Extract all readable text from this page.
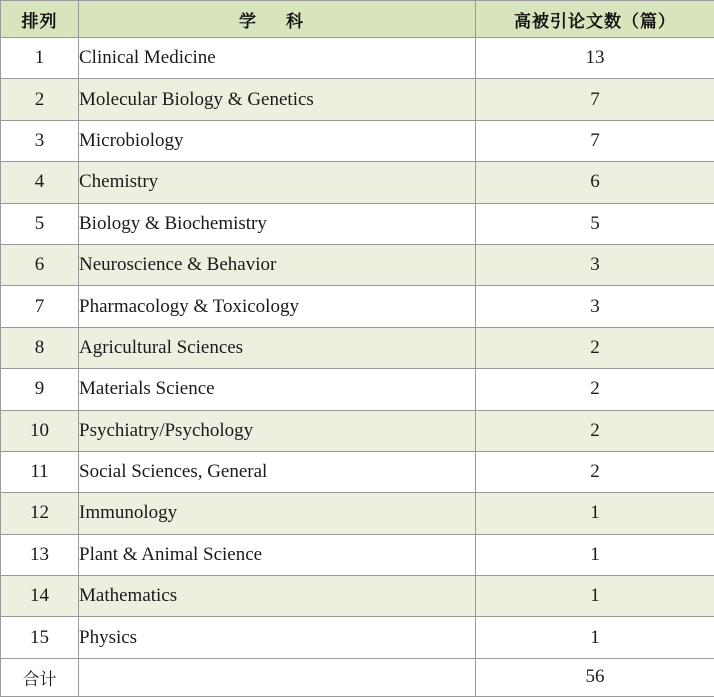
排列	学 科	高被引论文数（篇）
1	Clinical Medicine	13
2	Molecular Biology & Genetics	7
3	Microbiology	7
4	Chemistry	6
5	Biology & Biochemistry	5
6	Neuroscience & Behavior	3
7	Pharmacology & Toxicology	3
8	Agricultural Sciences	2
9	Materials Science	2
10	Psychiatry/Psychology	2
11	Social Sciences, General	2
12	Immunology	1
13	Plant & Animal Science	1
14	Mathematics	1
15	Physics	1
合计		56
